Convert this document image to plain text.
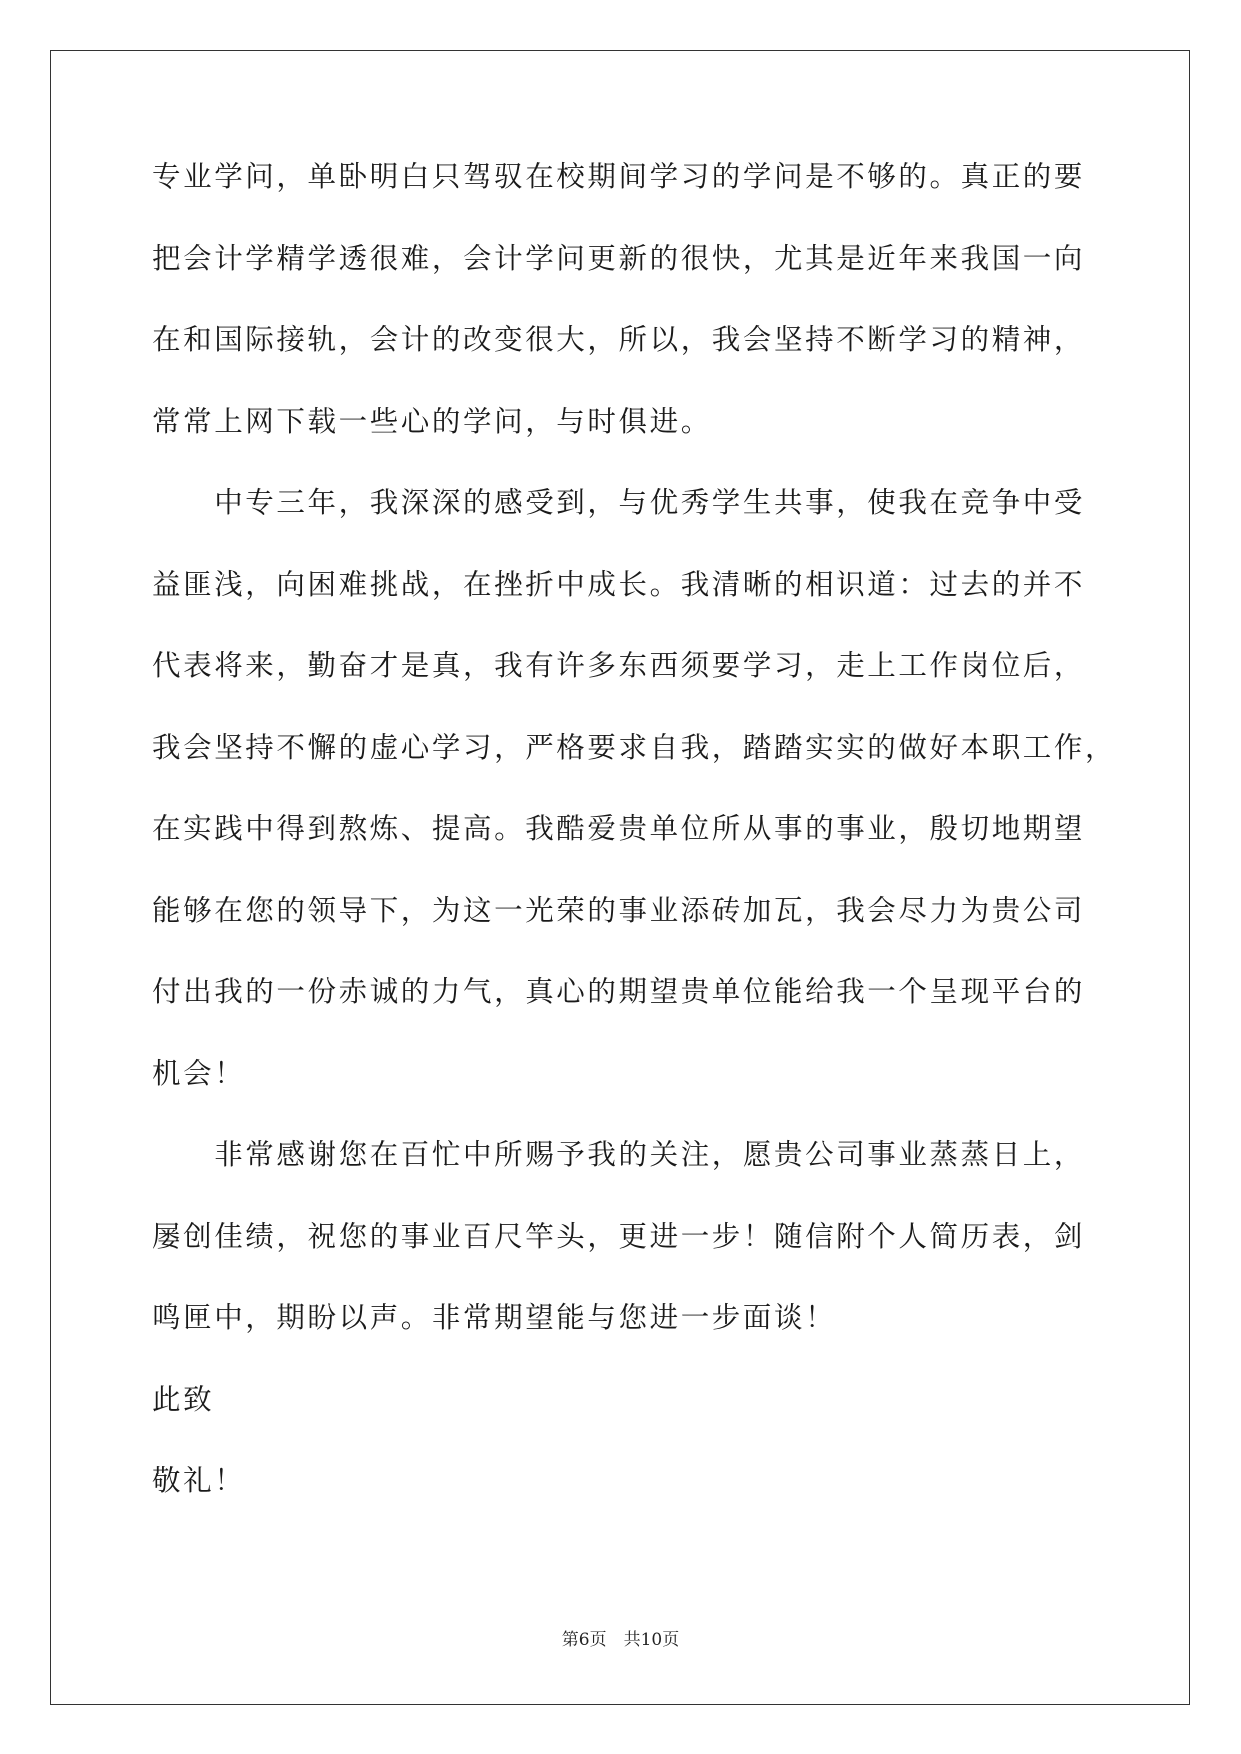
专业学问，单卧明白只驾驭在校期间学习的学问是不够的。真正的要
把会计学精学透很难，会计学问更新的很快，尤其是近年来我国一向
在和国际接轨，会计的改变很大，所以，我会坚持不断学习的精神，
常常上网下载一些心的学问，与时俱进。
　　中专三年，我深深的感受到，与优秀学生共事，使我在竞争中受
益匪浅，向困难挑战，在挫折中成长。我清晰的相识道：过去的并不
代表将来，勤奋才是真，我有许多东西须要学习，走上工作岗位后，
我会坚持不懈的虚心学习，严格要求自我，踏踏实实的做好本职工作，
在实践中得到熬炼、提高。我酷爱贵单位所从事的事业，殷切地期望
能够在您的领导下，为这一光荣的事业添砖加瓦，我会尽力为贵公司
付出我的一份赤诚的力气，真心的期望贵单位能给我一个呈现平台的
机会！
　　非常感谢您在百忙中所赐予我的关注，愿贵公司事业蒸蒸日上，
屡创佳绩，祝您的事业百尺竿头，更进一步！随信附个人简历表，剑
鸣匣中，期盼以声。非常期望能与您进一步面谈！
此致
敬礼！
第6页　共10页
